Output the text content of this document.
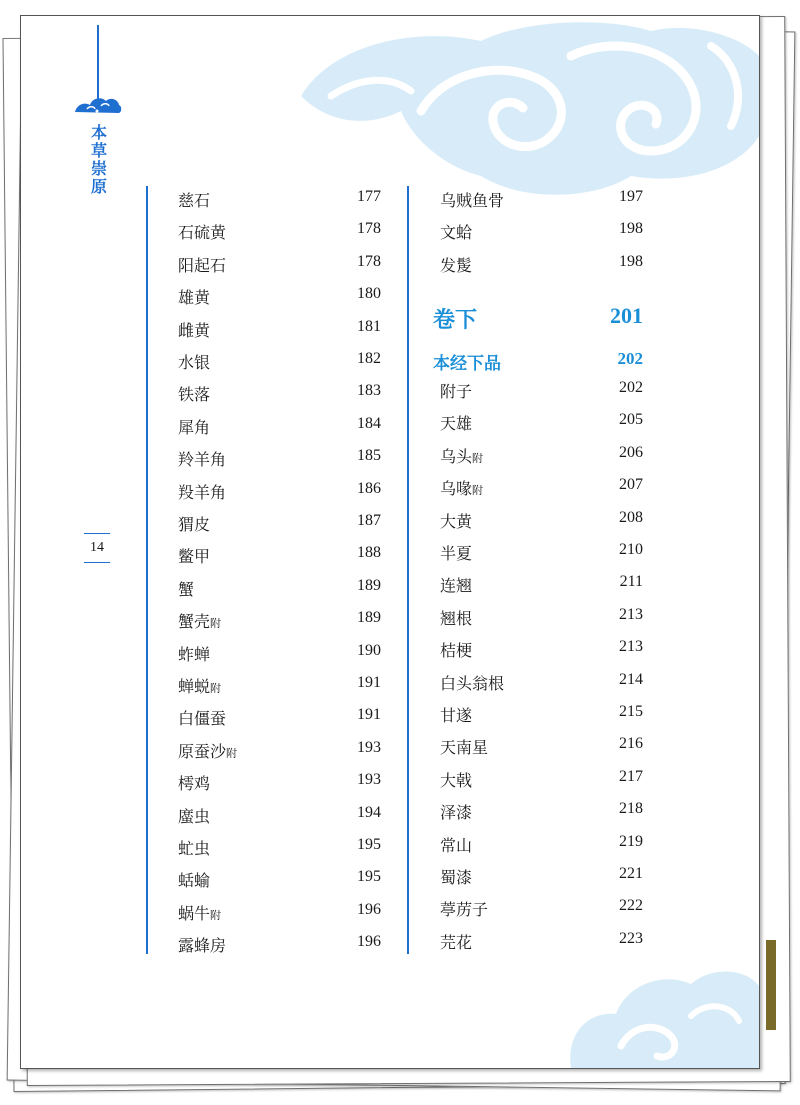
本草崇原
14
卷下	201
本经下品	202
慈石	177
石硫黄	178
阳起石	178
雄黄	180
雌黄	181
水银	182
铁落	183
犀角	184
羚羊角	185
羖羊角	186
猬皮	187
鳖甲	188
蟹	189
蟹壳附	189
蚱蝉	190
蝉蜕附	191
白僵蚕	191
原蚕沙附	193
樗鸡	193
䗪虫	194
虻虫	195
蛞蝓	195
蜗牛附	196
露蜂房	196
乌贼鱼骨	197
文蛤	198
发髲	198
附子	202
天雄	205
乌头附	206
乌喙附	207
大黄	208
半夏	210
连翘	211
翘根	213
桔梗	213
白头翁根	214
甘遂	215
天南星	216
大戟	217
泽漆	218
常山	219
蜀漆	221
葶苈子	222
芫花	223
